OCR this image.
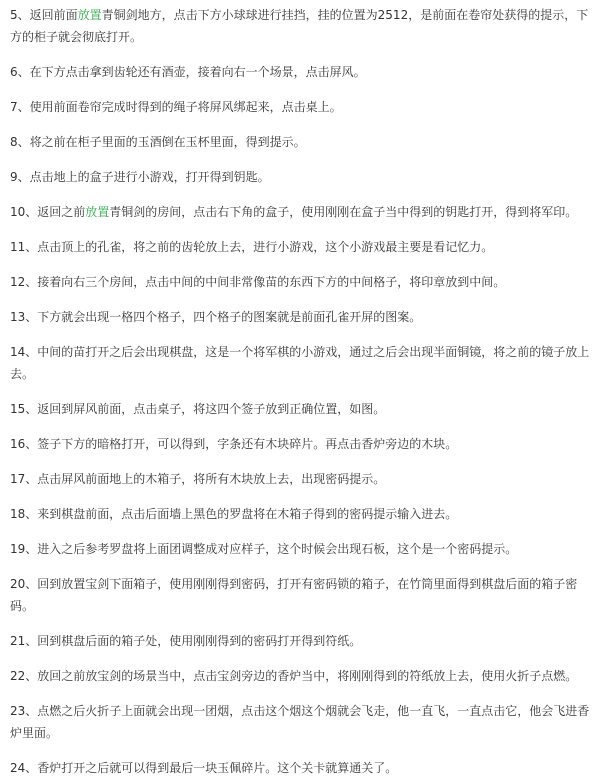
5、返回前面放置青铜剑地方，点击下方小球球进行挂挡，挂的位置为2512，是前面在卷帘处获得的提示，下方的柜子就会彻底打开。

6、在下方点击拿到齿轮还有酒壶，接着向右一个场景，点击屏风。

7、使用前面卷帘完成时得到的绳子将屏风绑起来，点击桌上。

8、将之前在柜子里面的玉酒倒在玉杯里面，得到提示。

9、点击地上的盒子进行小游戏，打开得到钥匙。

10、返回之前放置青铜剑的房间，点击右下角的盒子，使用刚刚在盒子当中得到的钥匙打开，得到将军印。

11、点击顶上的孔雀，将之前的齿轮放上去，进行小游戏，这个小游戏最主要是看记忆力。

12、接着向右三个房间，点击中间的中间非常像苗的东西下方的中间格子，将印章放到中间。

13、下方就会出现一格四个格子，四个格子的图案就是前面孔雀开屏的图案。

14、中间的苗打开之后会出现棋盘，这是一个将军棋的小游戏，通过之后会出现半面铜镜，将之前的镜子放上去。

15、返回到屏风前面，点击桌子，将这四个签子放到正确位置，如图。

16、签子下方的暗格打开，可以得到，字条还有木块碎片。再点击香炉旁边的木块。

17、点击屏风前面地上的木箱子，将所有木块放上去，出现密码提示。

18、来到棋盘前面，点击后面墙上黑色的罗盘将在木箱子得到的密码提示输入进去。

19、进入之后参考罗盘将上面团调整成对应样子，这个时候会出现石板，这个是一个密码提示。

20、回到放置宝剑下面箱子，使用刚刚得到密码，打开有密码锁的箱子，在竹筒里面得到棋盘后面的箱子密码。

21、回到棋盘后面的箱子处，使用刚刚得到的密码打开得到符纸。

22、放回之前放宝剑的场景当中，点击宝剑旁边的香炉当中，将刚刚得到的符纸放上去，使用火折子点燃。

23、点燃之后火折子上面就会出现一团烟，点击这个烟这个烟就会飞走，他一直飞，一直点击它，他会飞进香炉里面。

24、香炉打开之后就可以得到最后一块玉佩碎片。这个关卡就算通关了。
